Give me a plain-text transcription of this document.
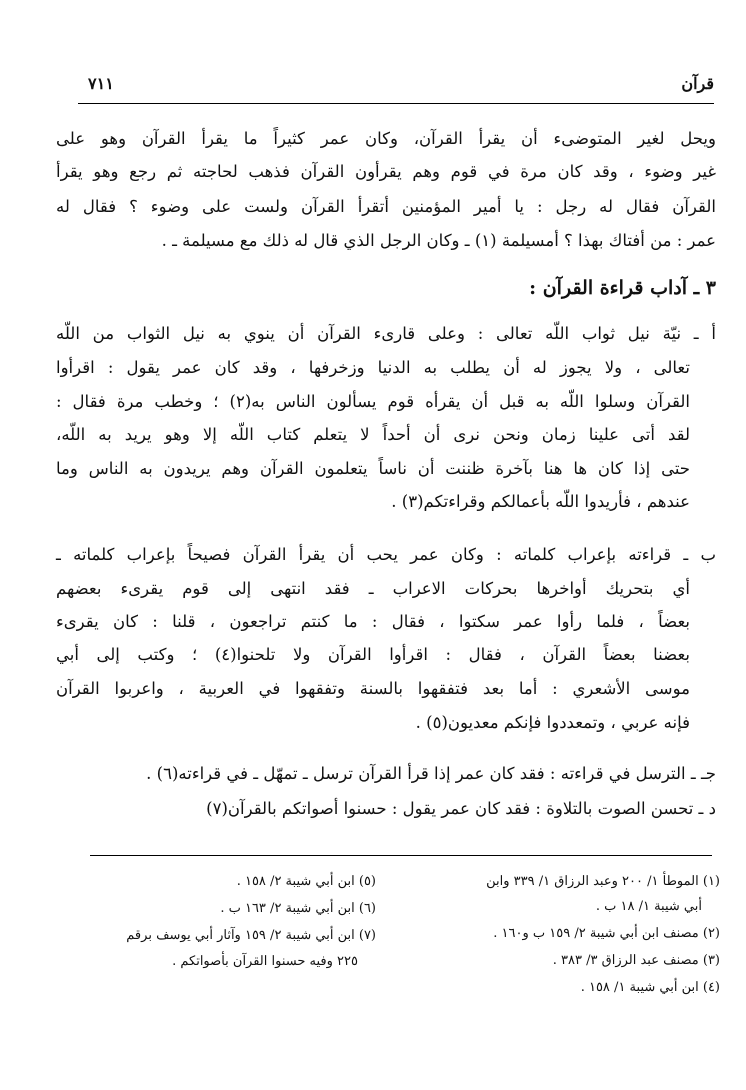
قرآن
٧١١
ويحل لغير المتوضىء أن يقرأ القرآن، وكان عمر كثيراً ما يقرأ القرآن وهو على
غير وضوء ، وقد كان مرة في قوم وهم يقرأون القرآن فذهب لحاجته ثم رجع وهو يقرأ
القرآن فقال له رجل : يا أمير المؤمنين أتقرأ القرآن ولست على وضوء ؟ فقال له
عمر : من أفتاك بهذا ؟ أمسيلمة (١) ـ وكان الرجل الذي قال له ذلك مع مسيلمة ـ .
٣ ـ آداب قراءة القرآن :
أ ـ نيّة نيل ثواب اللّه تعالى : وعلى قارىء القرآن أن ينوي به نيل الثواب من اللّه
تعالى ، ولا يجوز له أن يطلب به الدنيا وزخرفها ، وقد كان عمر يقول : اقرأوا
القرآن وسلوا اللّه به قبل أن يقرأه قوم يسألون الناس به(٢) ؛ وخطب مرة فقال :
لقد أتى علينا زمان ونحن نرى أن أحداً لا يتعلم كتاب اللّه إلا وهو يريد به اللّه،
حتى إذا كان ها هنا بآخرة ظننت أن ناساً يتعلمون القرآن وهم يريدون به الناس وما
عندهم ، فأريدوا اللّه بأعمالكم وقراءتكم(٣) .
ب ـ قراءته بإعراب كلماته : وكان عمر يحب أن يقرأ القرآن فصيحاً بإعراب كلماته ـ
أي بتحريك أواخرها بحركات الاعراب ـ فقد انتهى إلى قوم يقرىء بعضهم
بعضاً ، فلما رأوا عمر سكتوا ، فقال : ما كنتم تراجعون ، قلنا : كان يقرىء
بعضنا بعضاً القرآن ، فقال : اقرأوا القرآن ولا تلحنوا(٤) ؛ وكتب إلى أبي
موسى الأشعري : أما بعد فتفقهوا بالسنة وتفقهوا في العربية ، واعربوا القرآن
فإنه عربي ، وتمعددوا فإنكم معديون(٥) .
جـ ـ الترسل في قراءته : فقد كان عمر إذا قرأ القرآن ترسل ـ تمهّل ـ في قراءته(٦) .
د ـ تحسن الصوت بالتلاوة : فقد كان عمر يقول : حسنوا أصواتكم بالقرآن(٧)
(١) الموطأ ١/ ٢٠٠ وعبد الرزاق ١/ ٣٣٩ وابن
أبي شيبة ١/ ١٨ ب .
(٢) مصنف ابن أبي شيبة ٢/ ١٥٩ ب و١٦٠ .
(٣) مصنف عبد الرزاق ٣/ ٣٨٣ .
(٤) ابن أبي شيبة ١/ ١٥٨ .
(٥) ابن أبي شيبة ٢/ ١٥٨ .
(٦) ابن أبي شيبة ٢/ ١٦٣ ب .
(٧) ابن أبي شيبة ٢/ ١٥٩ وآثار أبي يوسف برقم
٢٢٥ وفيه حسنوا القرآن بأصواتكم .
